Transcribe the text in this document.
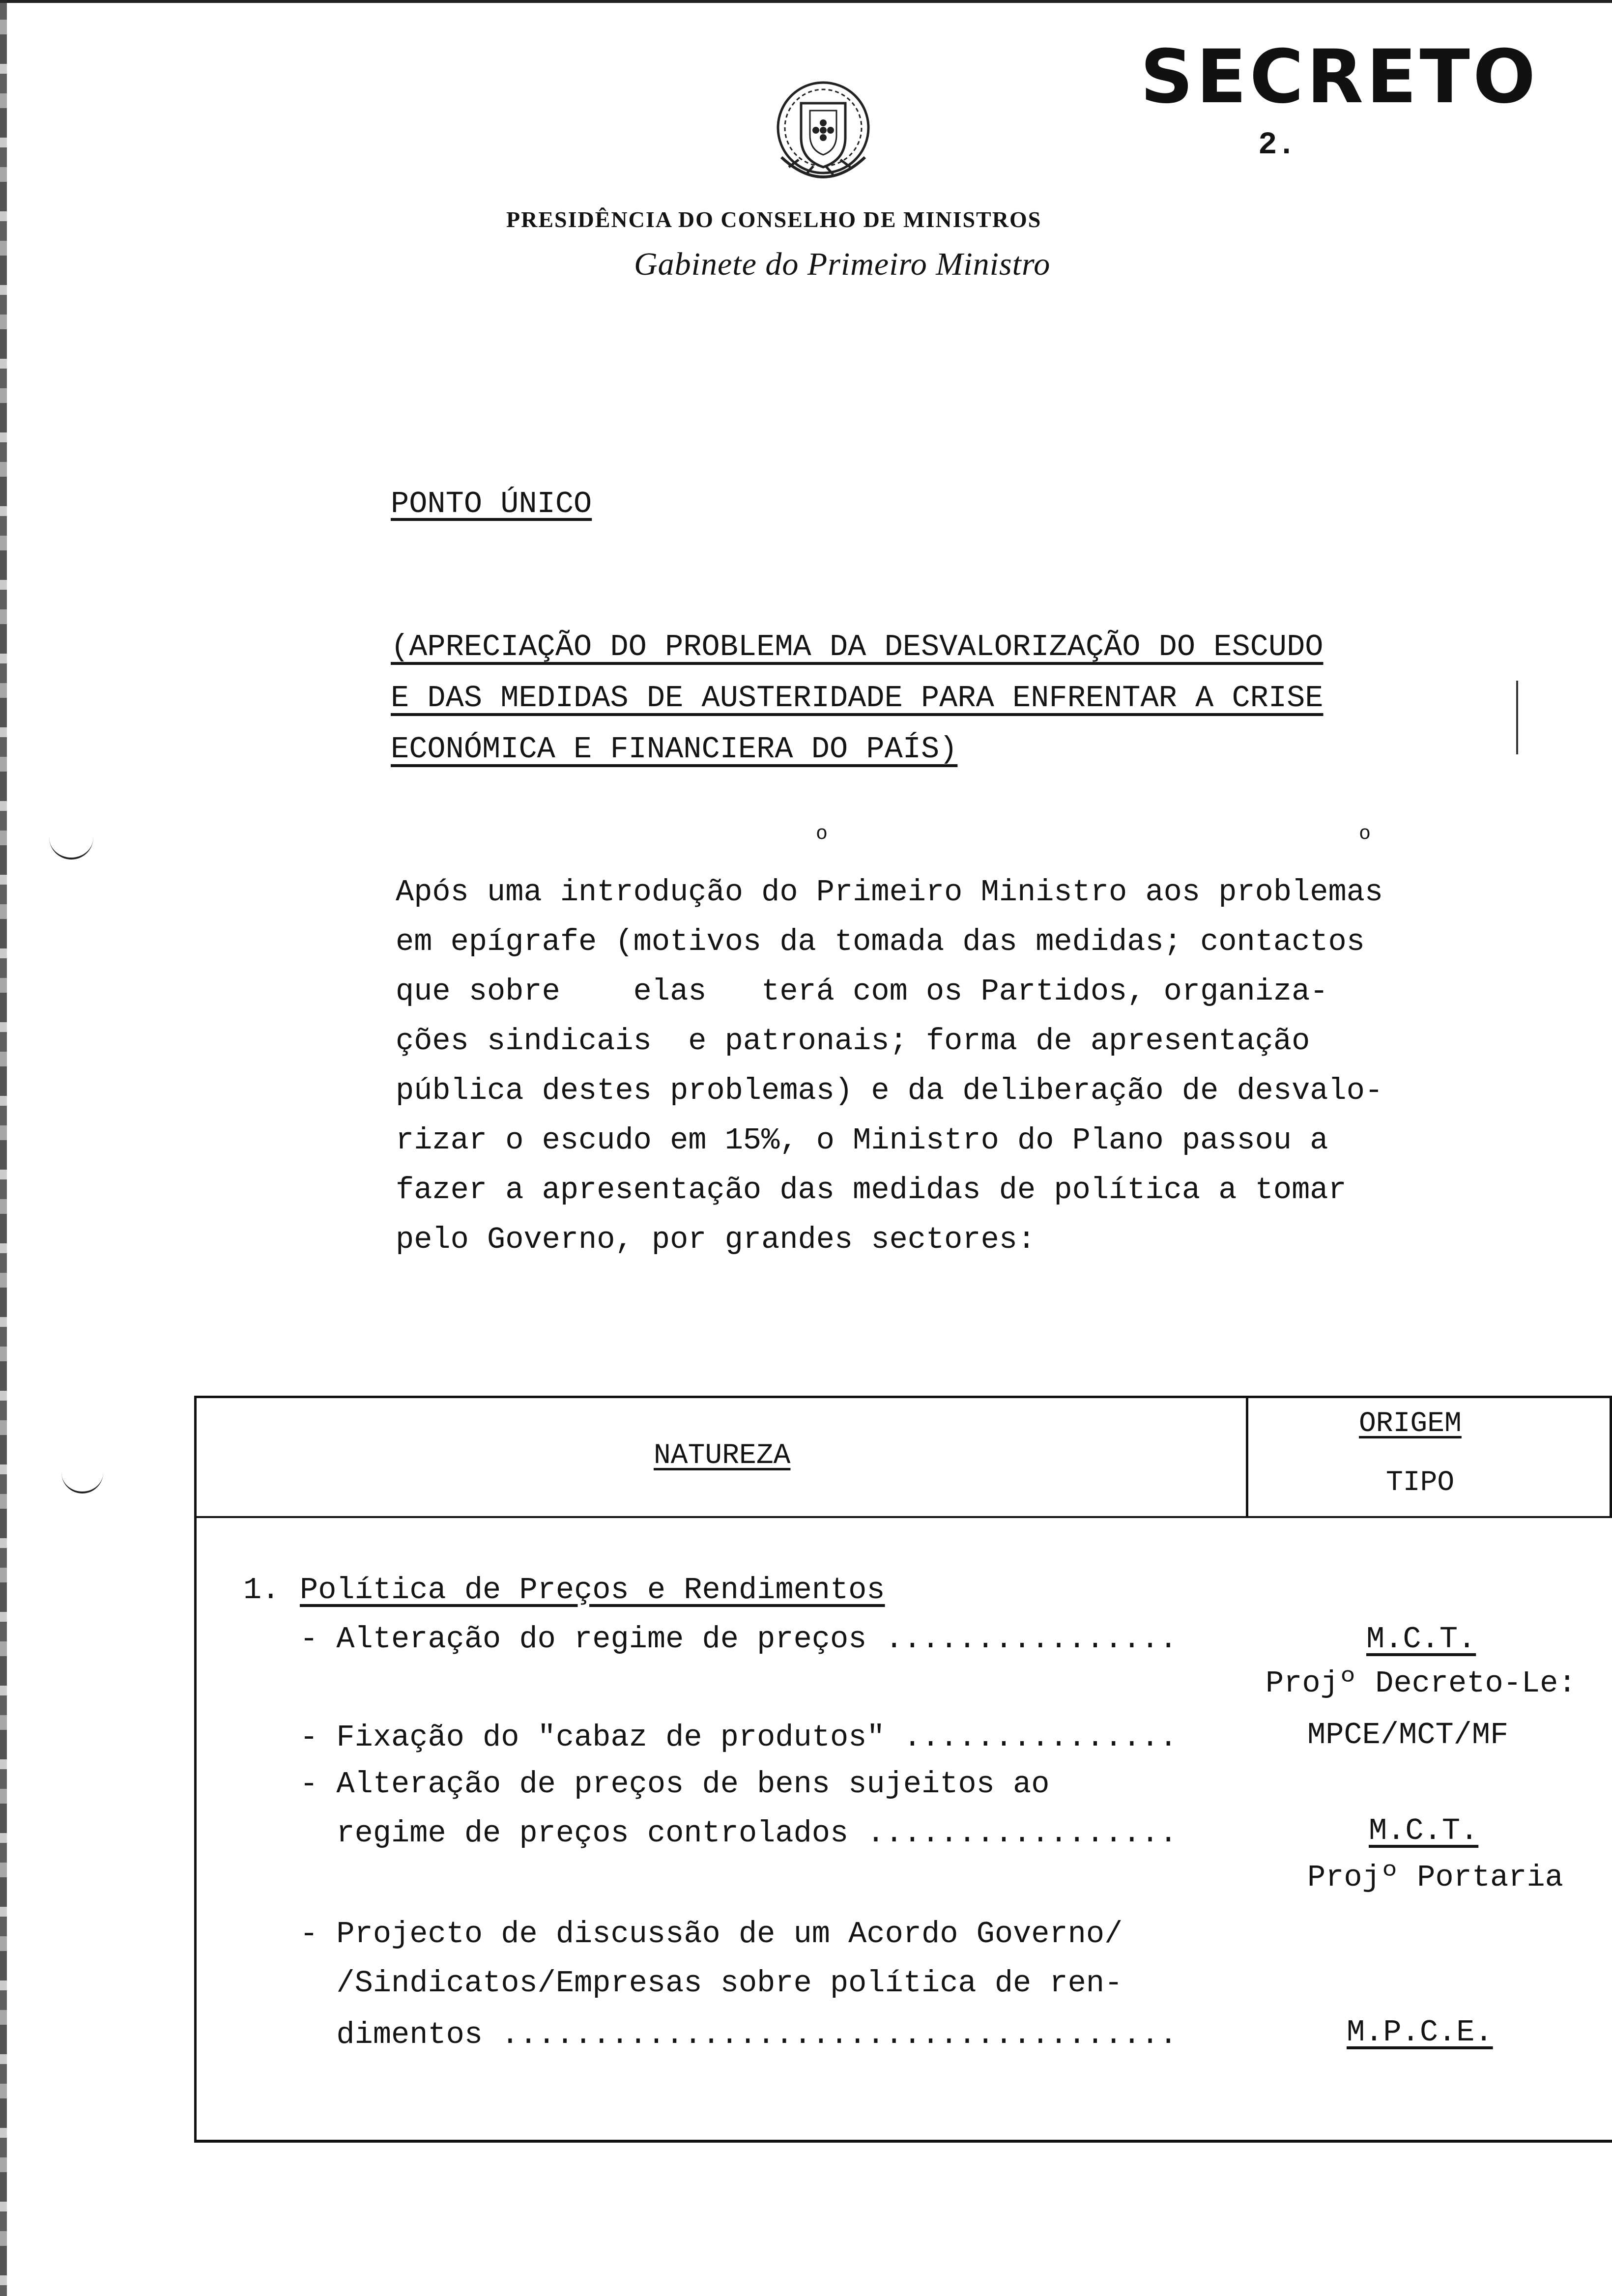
SECRETO
2.
PRESIDÊNCIA DO CONSELHO DE MINISTROS
Gabinete do Primeiro Ministro
PONTO ÚNICO
(APRECIAÇÃO DO PROBLEMA DA DESVALORIZAÇÃO DO ESCUDO
E DAS MEDIDAS DE AUSTERIDADE PARA ENFRENTAR A CRISE
ECONÓMICA E FINANCIERA DO PAÍS)
o	o
Após uma introdução do Primeiro Ministro aos problemas
em epígrafe (motivos da tomada das medidas; contactos
que sobre    elas   terá com os Partidos, organiza-
ções sindicais  e patronais; forma de apresentação
pública destes problemas) e da deliberação de desvalo-
rizar o escudo em 15%, o Ministro do Plano passou a
fazer a apresentação das medidas de política a tomar
pelo Governo, por grandes sectores:
NATUREZA
ORIGEM
TIPO
1. Política de Preços e Rendimentos
- Alteração do regime de preços ................	M.C.T.
Projº Decreto-Le:
- Fixação do "cabaz de produtos" ...............	MPCE/MCT/MF
- Alteração de preços de bens sujeitos ao
regime de preços controlados .................	M.C.T.
Projº Portaria
- Projecto de discussão de um Acordo Governo/
/Sindicatos/Empresas sobre política de ren-
dimentos .....................................	M.P.C.E.
